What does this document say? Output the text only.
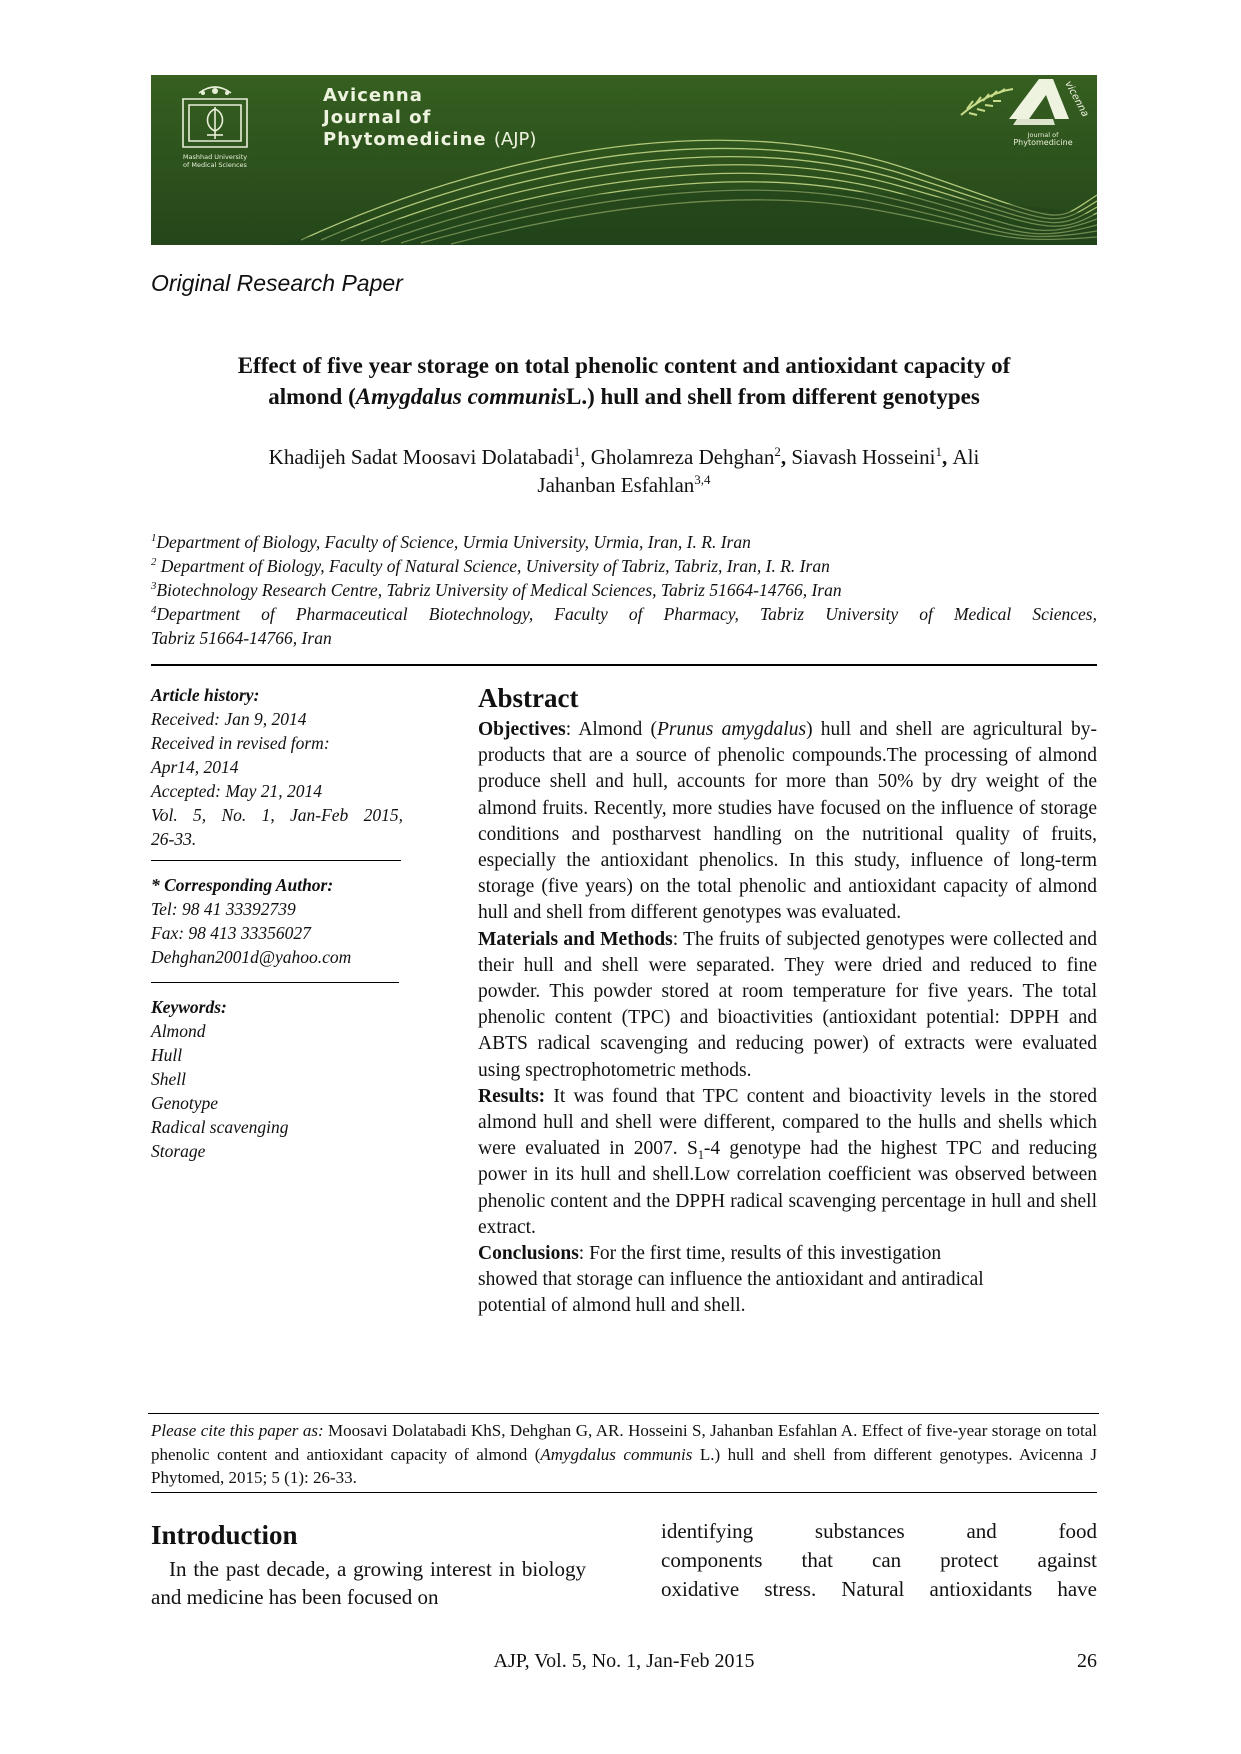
Mashhad University
of Medical Sciences
Avicenna
Journal of
Phytomedicine (AJP)
vicenna
Journal of
Phytomedicine
Original Research Paper
Effect of five year storage on total phenolic content and antioxidant capacity of
almond (Amygdalus communisL.) hull and shell from different genotypes
Khadijeh Sadat Moosavi Dolatabadi$^1$, Gholamreza Dehghan$^2$, Siavash Hosseini$^1$, Ali
Jahanban Esfahlan$^{3,4}$
$^1$Department of Biology, Faculty of Science, Urmia University, Urmia, Iran, I. R. Iran
$^2$ Department of Biology, Faculty of Natural Science, University of Tabriz, Tabriz, Iran, I. R. Iran
$^3$Biotechnology Research Centre, Tabriz University of Medical Sciences, Tabriz 51664-14766, Iran
$^4$Department of Pharmaceutical Biotechnology, Faculty of Pharmacy, Tabriz University of Medical Sciences,
Tabriz 51664-14766, Iran
Article history:
Received: Jan 9, 2014
Received in revised form:
Apr14, 2014
Accepted: May 21, 2014
Vol. 5, No. 1, Jan-Feb 2015,
26-33.
* Corresponding Author:
Tel: 98 41 33392739
Fax: 98 413 33356027
Dehghan2001d@yahoo.com
Keywords:
Almond
Hull
Shell
Genotype
Radical scavenging
Storage
Abstract
Objectives: Almond (Prunus amygdalus) hull and shell are agricultural by-products that are a source of phenolic compounds.The processing of almond produce shell and hull, accounts for more than 50% by dry weight of the almond fruits. Recently, more studies have focused on the influence of storage conditions and postharvest handling on the nutritional quality of fruits, especially the antioxidant phenolics. In this study, influence of long-term storage (five years) on the total phenolic and antioxidant capacity of almond hull and shell from different genotypes was evaluated.
Materials and Methods: The fruits of subjected genotypes were collected and their hull and shell were separated. They were dried and reduced to fine powder. This powder stored at room temperature for five years. The total phenolic content (TPC) and bioactivities (antioxidant potential: DPPH and ABTS radical scavenging and reducing power) of extracts were evaluated using spectrophotometric methods.
Results: It was found that TPC content and bioactivity levels in the stored almond hull and shell were different, compared to the hulls and shells which were evaluated in 2007. $S_1-4$ genotype had the highest TPC and reducing power in its hull and shell.Low correlation coefficient was observed between phenolic content and the DPPH radical scavenging percentage in hull and shell extract.
Conclusions: For the first time, results of this investigation
showed that storage can influence the antioxidant and antiradical
potential of almond hull and shell.
Please cite this paper as: Moosavi Dolatabadi KhS, Dehghan G, AR. Hosseini S, Jahanban Esfahlan A. Effect of five-year storage on total phenolic content and antioxidant capacity of almond (Amygdalus communis L.) hull and shell from different genotypes. Avicenna J Phytomed, 2015; 5 (1): 26-33.
Introduction
In the past decade, a growing interest in biology and medicine has been focused on
identifying substances and food
components that can protect against
oxidative stress. Natural antioxidants have
AJP, Vol. 5, No. 1, Jan-Feb 2015	26
